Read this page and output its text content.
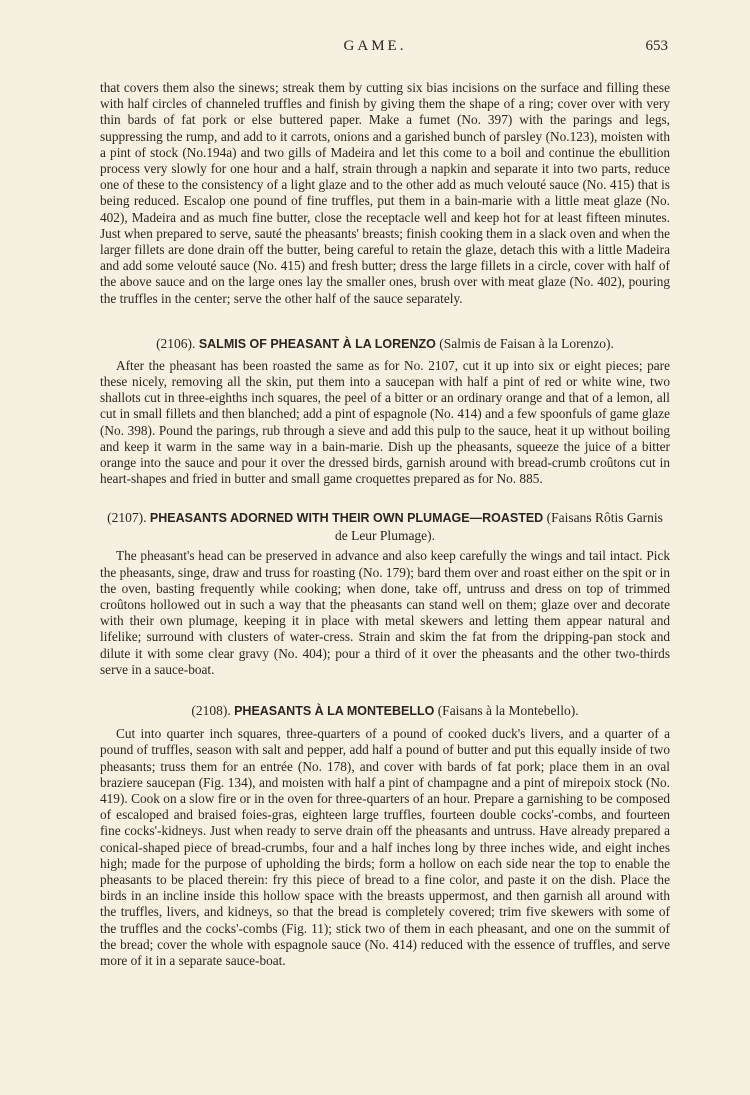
GAME.	653

that covers them also the sinews; streak them by cutting six bias incisions on the surface and filling these with half circles of channeled truffles and finish by giving them the shape of a ring; cover over with very thin bards of fat pork or else buttered paper. Make a fumet (No. 397) with the parings and legs, suppressing the rump, and add to it carrots, onions and a garished bunch of parsley (No.123), moisten with a pint of stock (No.194a) and two gills of Madeira and let this come to a boil and continue the ebullition process very slowly for one hour and a half, strain through a napkin and separate it into two parts, reduce one of these to the consistency of a light glaze and to the other add as much velouté sauce (No. 415) that is being reduced. Escalop one pound of fine truffles, put them in a bain-marie with a little meat glaze (No. 402), Madeira and as much fine butter, close the receptacle well and keep hot for at least fifteen minutes. Just when prepared to serve, sauté the pheasants' breasts; finish cooking them in a slack oven and when the larger fillets are done drain off the butter, being careful to retain the glaze, detach this with a little Madeira and add some velouté sauce (No. 415) and fresh butter; dress the large fillets in a circle, cover with half of the above sauce and on the large ones lay the smaller ones, brush over with meat glaze (No. 402), pouring the truffles in the center; serve the other half of the sauce separately.

(2106). SALMIS OF PHEASANT À LA LORENZO (Salmis de Faisan à la Lorenzo).

After the pheasant has been roasted the same as for No. 2107, cut it up into six or eight pieces; pare these nicely, removing all the skin, put them into a saucepan with half a pint of red or white wine, two shallots cut in three-eighths inch squares, the peel of a bitter or an ordinary orange and that of a lemon, all cut in small fillets and then blanched; add a pint of espagnole (No. 414) and a few spoonfuls of game glaze (No. 398). Pound the parings, rub through a sieve and add this pulp to the sauce, heat it up without boiling and keep it warm in the same way in a bain-marie. Dish up the pheasants, squeeze the juice of a bitter orange into the sauce and pour it over the dressed birds, garnish around with bread-crumb croûtons cut in heart-shapes and fried in butter and small game croquettes prepared as for No. 885.

(2107). PHEASANTS ADORNED WITH THEIR OWN PLUMAGE—ROASTED (Faisans Rôtis Garnis de Leur Plumage).

The pheasant's head can be preserved in advance and also keep carefully the wings and tail intact. Pick the pheasants, singe, draw and truss for roasting (No. 179); bard them over and roast either on the spit or in the oven, basting frequently while cooking; when done, take off, untruss and dress on top of trimmed croûtons hollowed out in such a way that the pheasants can stand well on them; glaze over and decorate with their own plumage, keeping it in place with metal skewers and letting them appear natural and lifelike; surround with clusters of water-cress. Strain and skim the fat from the dripping-pan stock and dilute it with some clear gravy (No. 404); pour a third of it over the pheasants and the other two-thirds serve in a sauce-boat.

(2108). PHEASANTS À LA MONTEBELLO (Faisans à la Montebello).

Cut into quarter inch squares, three-quarters of a pound of cooked duck's livers, and a quarter of a pound of truffles, season with salt and pepper, add half a pound of butter and put this equally inside of two pheasants; truss them for an entrée (No. 178), and cover with bards of fat pork; place them in an oval braziere saucepan (Fig. 134), and moisten with half a pint of champagne and a pint of mirepoix stock (No. 419). Cook on a slow fire or in the oven for three-quarters of an hour. Prepare a garnishing to be composed of escaloped and braised foies-gras, eighteen large truffles, fourteen double cocks'-combs, and fourteen fine cocks'-kidneys. Just when ready to serve drain off the pheasants and untruss. Have already prepared a conical-shaped piece of bread-crumbs, four and a half inches long by three inches wide, and eight inches high; made for the purpose of upholding the birds; form a hollow on each side near the top to enable the pheasants to be placed therein: fry this piece of bread to a fine color, and paste it on the dish. Place the birds in an incline inside this hollow space with the breasts uppermost, and then garnish all around with the truffles, livers, and kidneys, so that the bread is completely covered; trim five skewers with some of the truffles and the cocks'-combs (Fig. 11); stick two of them in each pheasant, and one on the summit of the bread; cover the whole with espagnole sauce (No. 414) reduced with the essence of truffles, and serve more of it in a separate sauce-boat.
